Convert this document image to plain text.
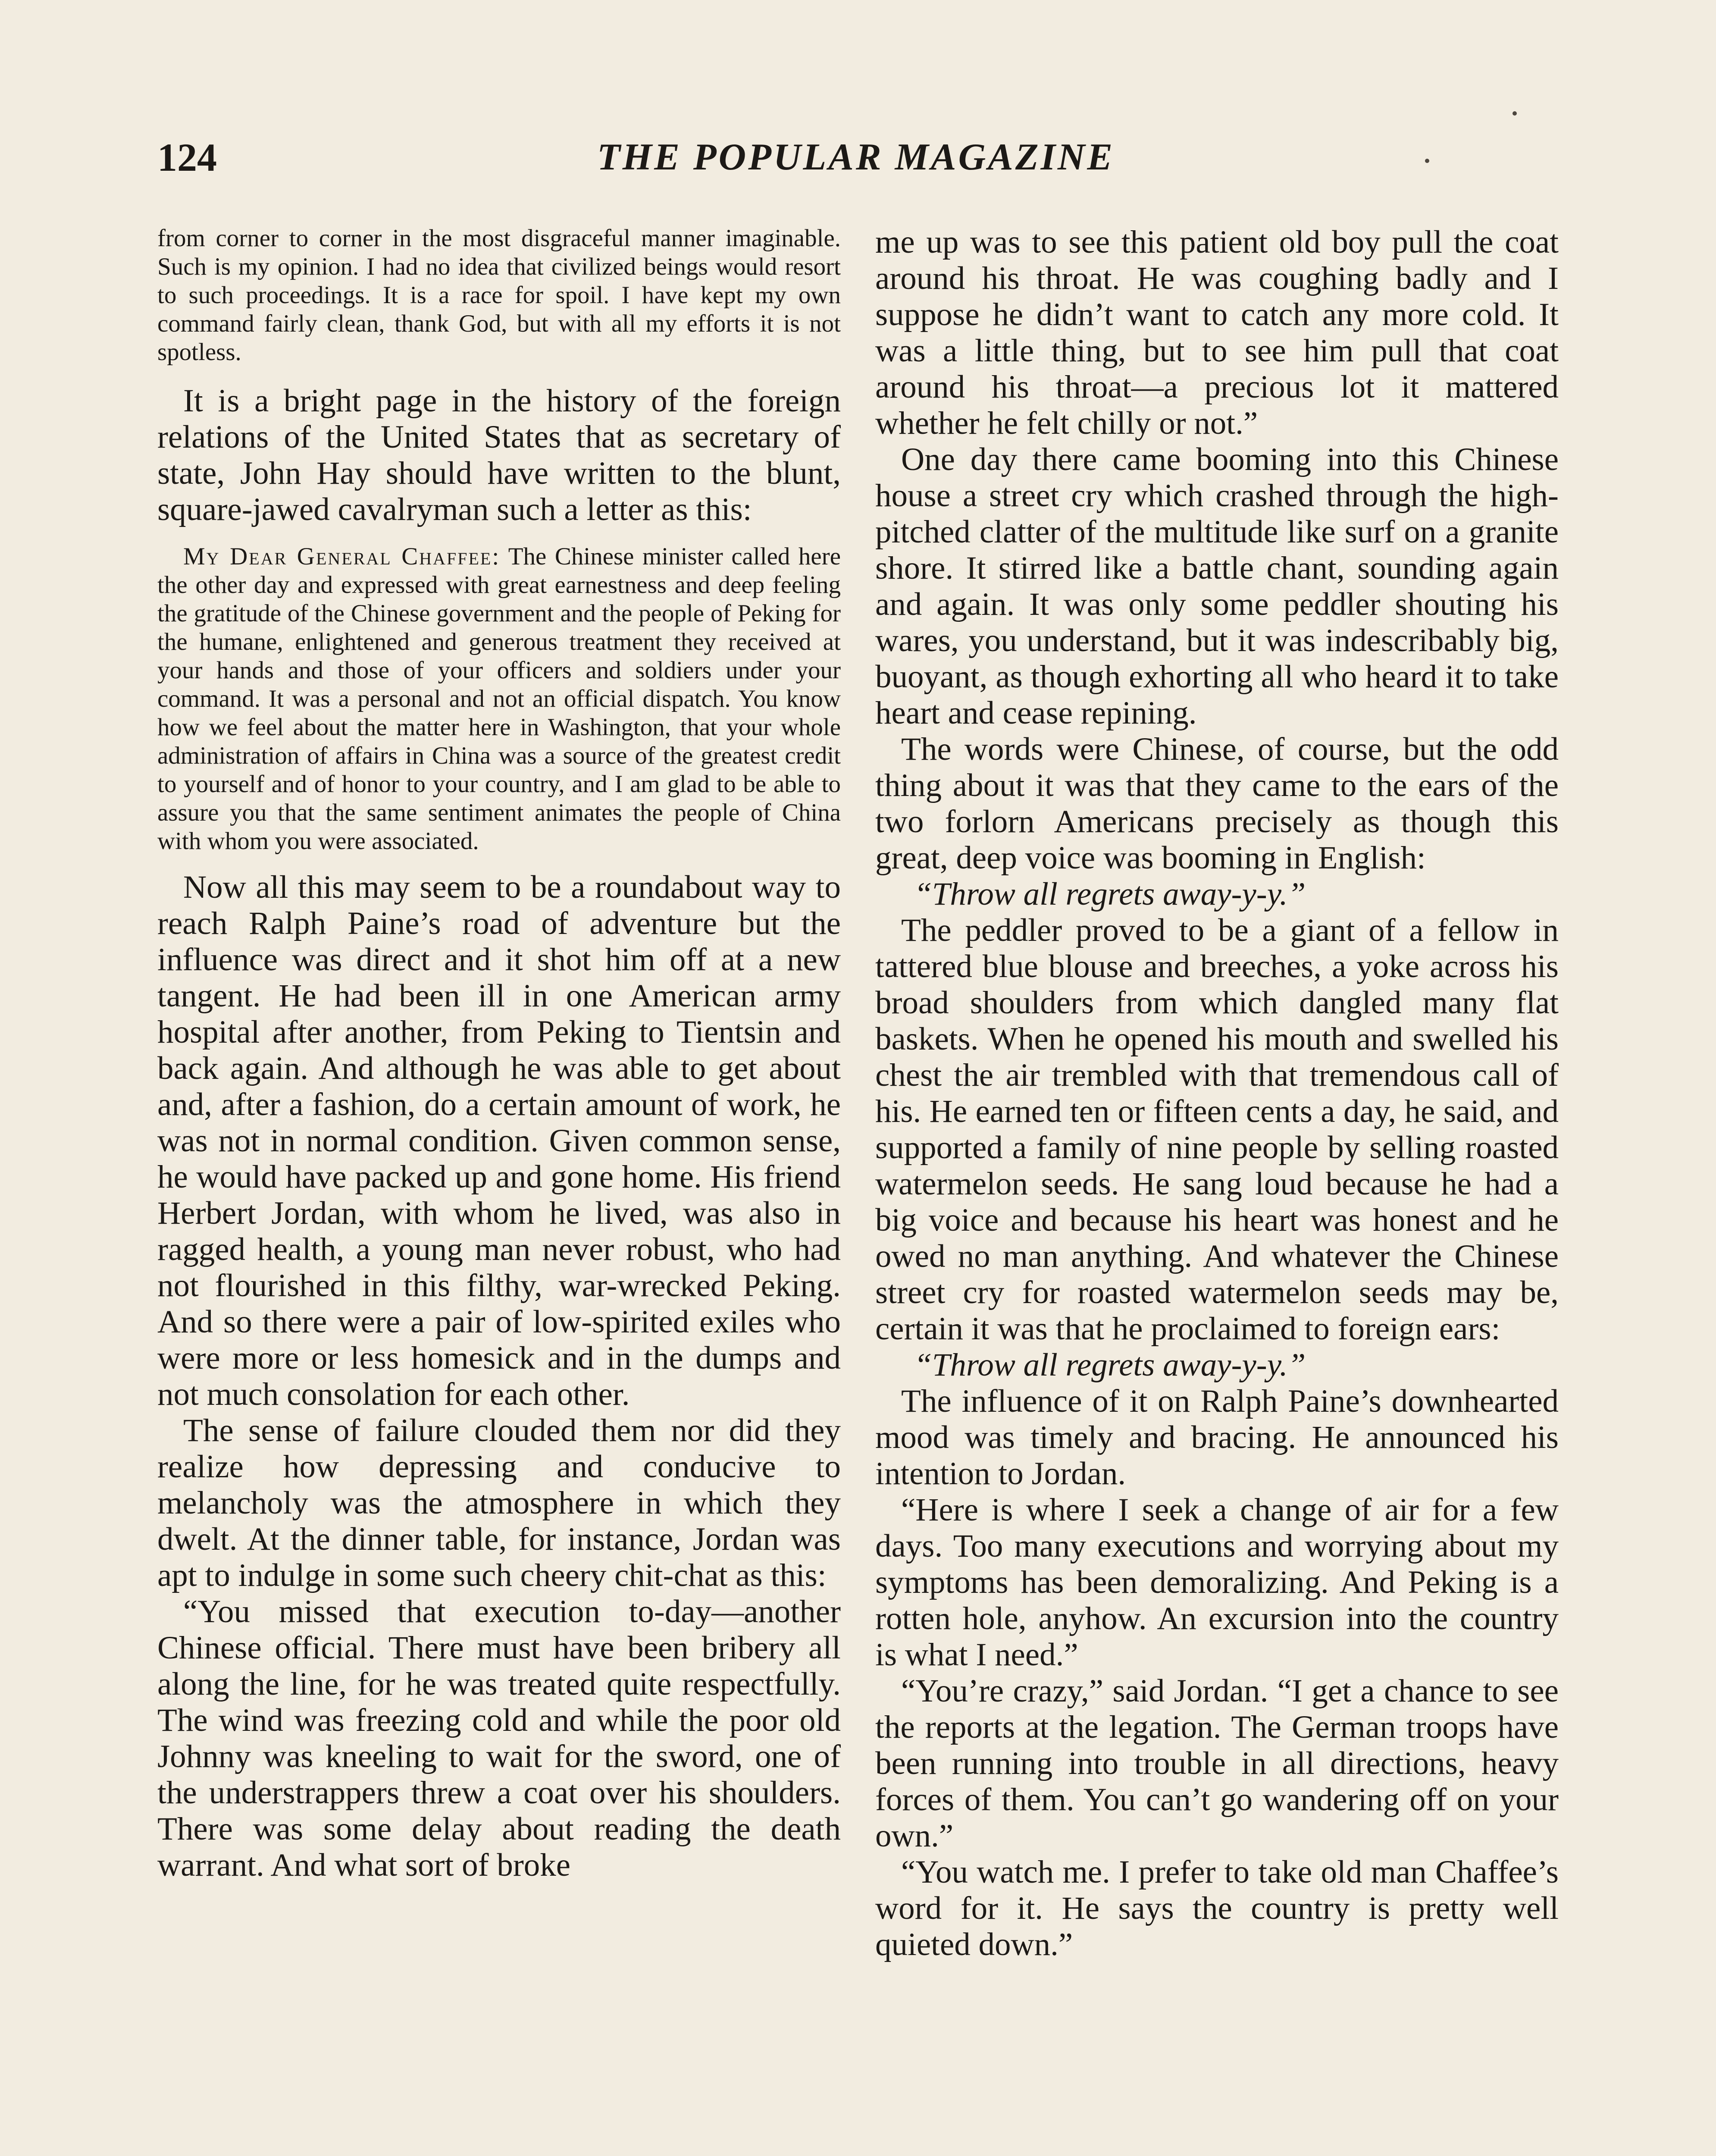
124	THE POPULAR MAGAZINE

from corner to corner in the most disgraceful manner imaginable. Such is my opinion. I had no idea that civilized beings would resort to such proceedings. It is a race for spoil. I have kept my own command fairly clean, thank God, but with all my efforts it is not spotless.

It is a bright page in the history of the foreign relations of the United States that as secretary of state, John Hay should have written to the blunt, square-jawed cavalryman such a letter as this:

My Dear General Chaffee: The Chinese minister called here the other day and expressed with great earnestness and deep feeling the gratitude of the Chinese government and the people of Peking for the humane, enlightened and generous treatment they received at your hands and those of your officers and soldiers under your command. It was a personal and not an official dispatch. You know how we feel about the matter here in Washington, that your whole administration of affairs in China was a source of the greatest credit to yourself and of honor to your country, and I am glad to be able to assure you that the same sentiment animates the people of China with whom you were associated.

Now all this may seem to be a roundabout way to reach Ralph Paine’s road of adventure but the influence was direct and it shot him off at a new tangent. He had been ill in one American army hospital after another, from Peking to Tientsin and back again. And although he was able to get about and, after a fashion, do a certain amount of work, he was not in normal condition. Given common sense, he would have packed up and gone home. His friend Herbert Jordan, with whom he lived, was also in ragged health, a young man never robust, who had not flourished in this filthy, war-wrecked Peking. And so there were a pair of low-spirited exiles who were more or less homesick and in the dumps and not much consolation for each other.

The sense of failure clouded them nor did they realize how depressing and conducive to melancholy was the atmosphere in which they dwelt. At the dinner table, for instance, Jordan was apt to indulge in some such cheery chit-chat as this:

“You missed that execution to-day—another Chinese official. There must have been bribery all along the line, for he was treated quite respectfully. The wind was freezing cold and while the poor old Johnny was kneeling to wait for the sword, one of the understrappers threw a coat over his shoulders. There was some delay about reading the death warrant. And what sort of broke

me up was to see this patient old boy pull the coat around his throat. He was coughing badly and I suppose he didn’t want to catch any more cold. It was a little thing, but to see him pull that coat around his throat—a precious lot it mattered whether he felt chilly or not.”

One day there came booming into this Chinese house a street cry which crashed through the high-pitched clatter of the multitude like surf on a granite shore. It stirred like a battle chant, sounding again and again. It was only some peddler shouting his wares, you understand, but it was indescribably big, buoyant, as though exhorting all who heard it to take heart and cease repining.

The words were Chinese, of course, but the odd thing about it was that they came to the ears of the two forlorn Americans precisely as though this great, deep voice was booming in English:

“Throw all regrets away-y-y.”

The peddler proved to be a giant of a fellow in tattered blue blouse and breeches, a yoke across his broad shoulders from which dangled many flat baskets. When he opened his mouth and swelled his chest the air trembled with that tremendous call of his. He earned ten or fifteen cents a day, he said, and supported a family of nine people by selling roasted watermelon seeds. He sang loud because he had a big voice and because his heart was honest and he owed no man anything. And whatever the Chinese street cry for roasted watermelon seeds may be, certain it was that he proclaimed to foreign ears:

“Throw all regrets away-y-y.”

The influence of it on Ralph Paine’s downhearted mood was timely and bracing. He announced his intention to Jordan.

“Here is where I seek a change of air for a few days. Too many executions and worrying about my symptoms has been demoralizing. And Peking is a rotten hole, anyhow. An excursion into the country is what I need.”

“You’re crazy,” said Jordan. “I get a chance to see the reports at the legation. The German troops have been running into trouble in all directions, heavy forces of them. You can’t go wandering off on your own.”

“You watch me. I prefer to take old man Chaffee’s word for it. He says the country is pretty well quieted down.”
